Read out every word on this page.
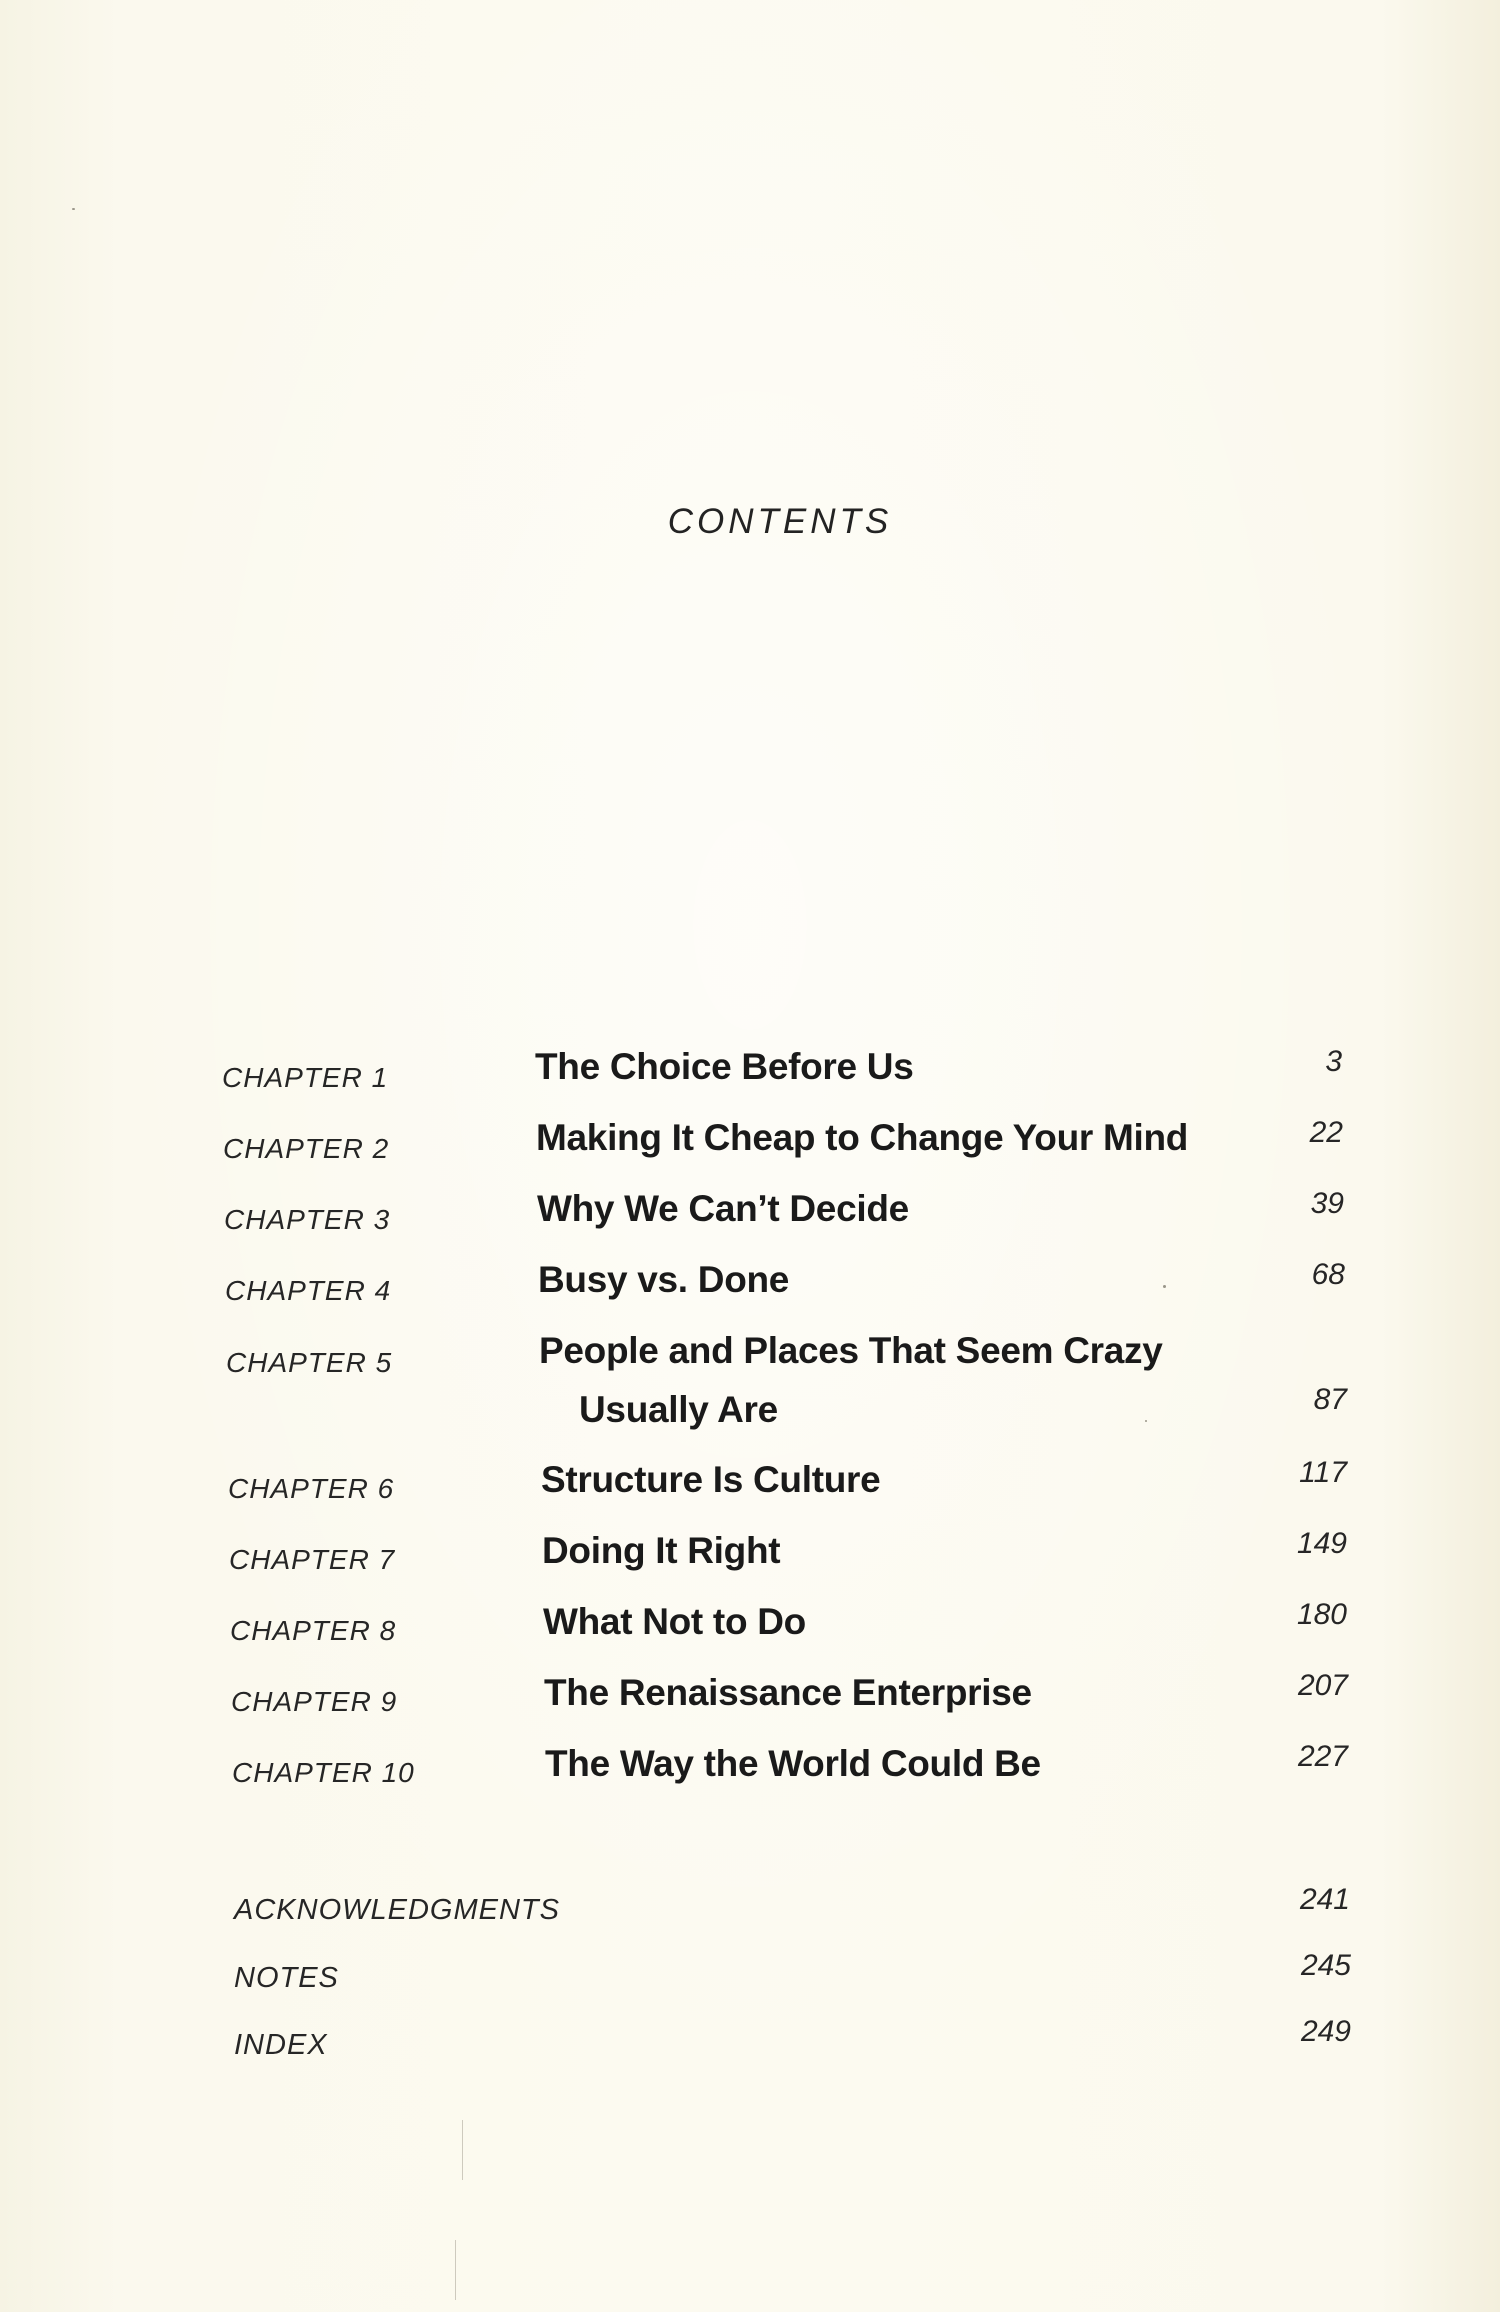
CONTENTS
CHAPTER 1	The Choice Before Us	3
CHAPTER 2	Making It Cheap to Change Your Mind	22
CHAPTER 3	Why We Can’t Decide	39
CHAPTER 4	Busy vs. Done	68
CHAPTER 5	People and Places That Seem Crazy
Usually Are	87
CHAPTER 6	Structure Is Culture	117
CHAPTER 7	Doing It Right	149
CHAPTER 8	What Not to Do	180
CHAPTER 9	The Renaissance Enterprise	207
CHAPTER 10	The Way the World Could Be	227
ACKNOWLEDGMENTS	241
NOTES	245
INDEX	249
